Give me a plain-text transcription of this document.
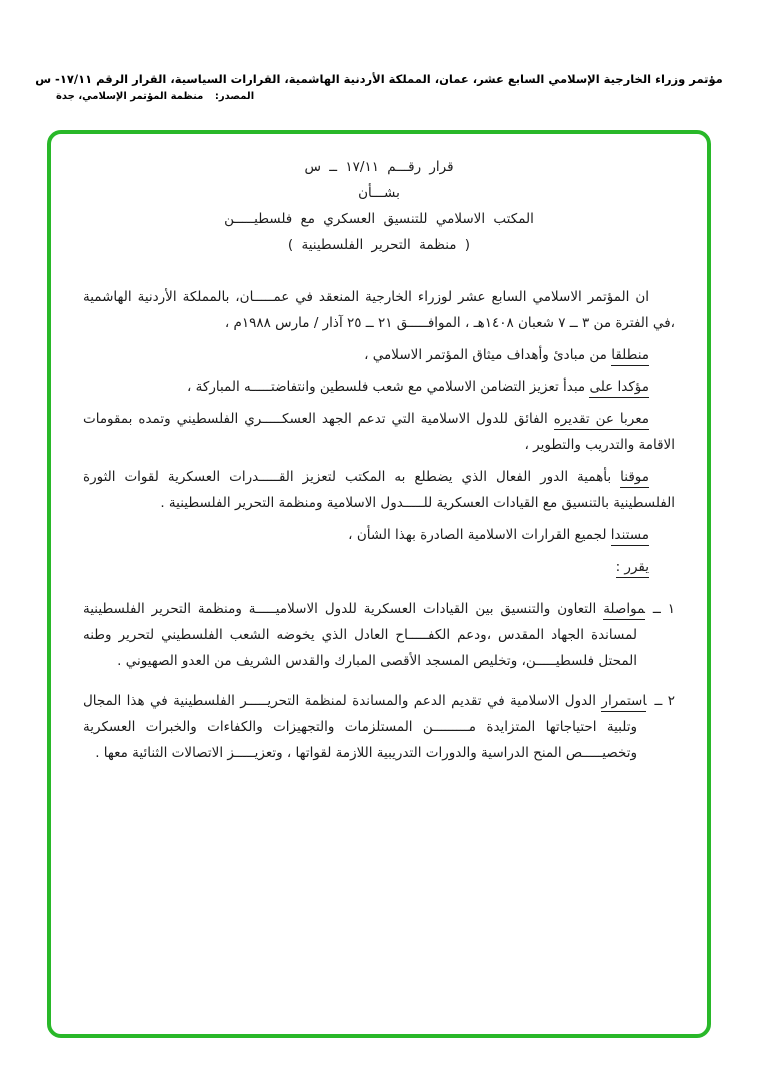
مؤتمر وزراء الخارجية الإسلامي السابع عشر، عمان، المملكة الأردنية الهاشمية، القرارات السياسية، القرار الرقم ١٧/١١- س
المصدر: منظمة المؤتمر الإسلامي، جدة
قرار رقـــم ١٧/١١ ــ س
بشـــأن
المكتب الاسلامي للتنسيق العسكري مع فلسطيـــــن
( منظمة التحرير الفلسطينية )

ان المؤتمر الاسلامي السابع عشر لوزراء الخارجية المنعقد في عمـــــان، بالمملكة الأردنية الهاشمية ،في الفترة من ٣ ــ ٧ شعبان ١٤٠٨هـ ، الموافـــــق ٢١ ــ ٢٥ آذار / مارس ١٩٨٨م ،

منطلقا من مبادئ وأهداف ميثاق المؤتمر الاسلامي ،

مؤكدا على مبدأ تعزيز التضامن الاسلامي مع شعب فلسطين وانتفاضتـــــه المباركة ،

معربا عن تقديره الفائق للدول الاسلامية التي تدعم الجهد العسكـــــري الفلسطيني وتمده بمقومات الاقامة والتدريب والتطوير ،

موقنا بأهمية الدور الفعال الذي يضطلع به المكتب لتعزيز القـــــدرات العسكرية لقوات الثورة الفلسطينية بالتنسيق مع القيادات العسكرية للـــــدول الاسلامية ومنظمة التحرير الفلسطينية .

مستندا لجميع القرارات الاسلامية الصادرة بهذا الشأن ،

يقرر :

١ ــمواصلة التعاون والتنسيق بين القيادات العسكرية للدول الاسلاميـــــة ومنظمة التحرير الفلسطينية لمساندة الجهاد المقدس ،ودعم الكفـــــاح العادل الذي يخوضه الشعب الفلسطيني لتحرير وطنه المحتل فلسطيـــــن، وتخليص المسجد الأقصى المبارك والقدس الشريف من العدو الصهيوني .
٢ ــاستمرار الدول الاسلامية في تقديم الدعم والمساندة لمنظمة التحريـــــر الفلسطينية في هذا المجال وتلبية احتياجاتها المتزايدة مـــــــــن المستلزمات والتجهيزات والكفاءات والخبرات العسكرية وتخصيـــــص المنح الدراسية والدورات التدريبية اللازمة لقواتها ، وتعزيـــــز الاتصالات الثنائية معها .
